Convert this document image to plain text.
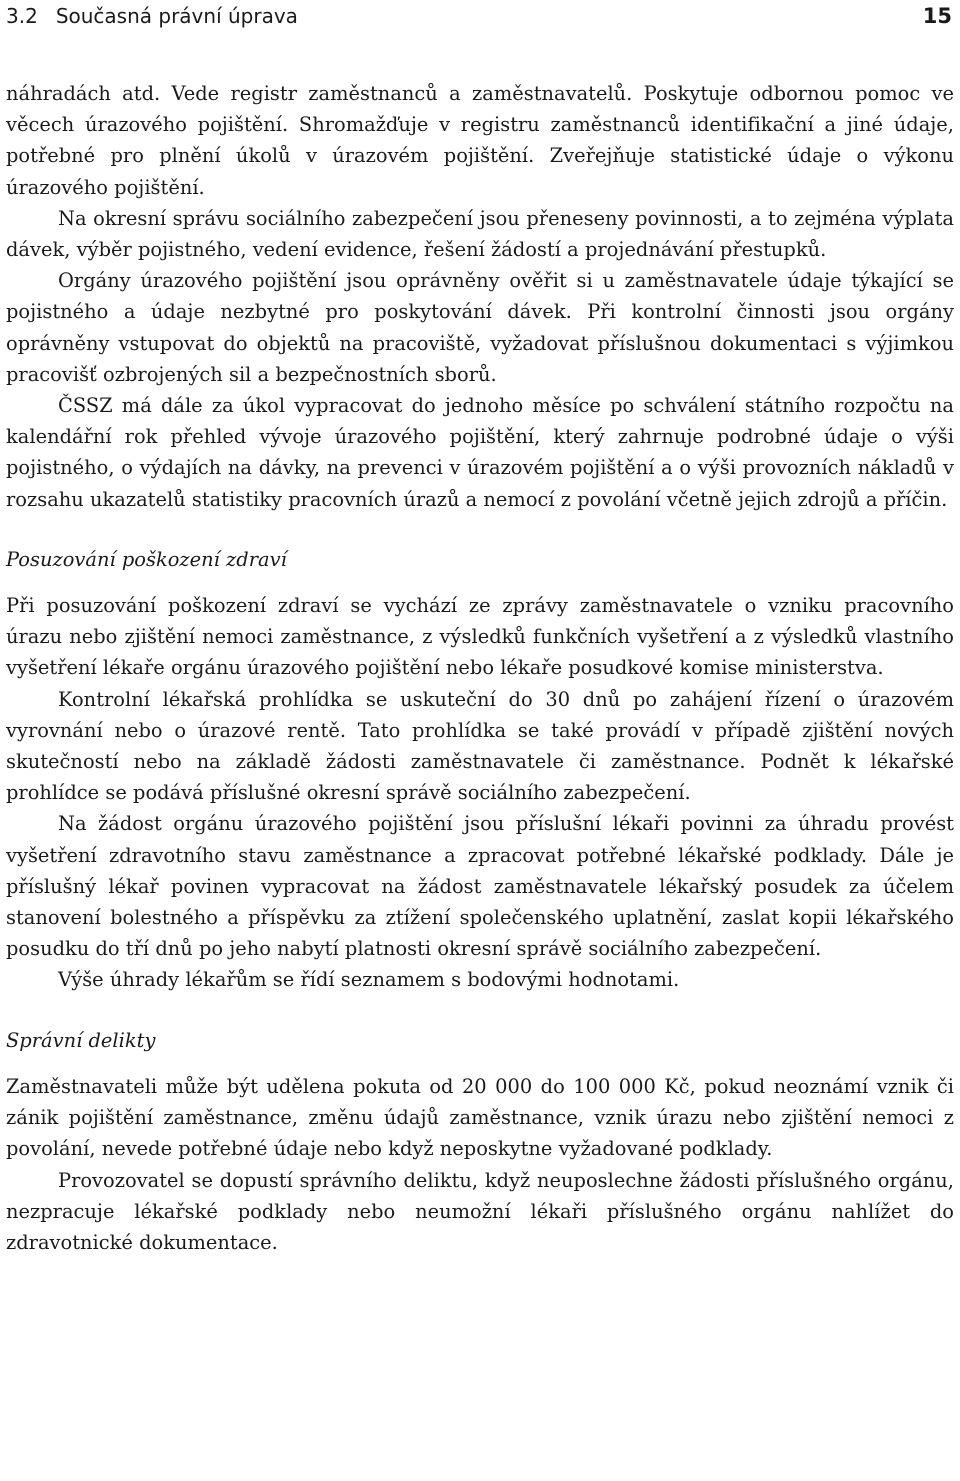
3.2 Současná právní úprava	15

náhradách atd. Vede registr zaměstnanců a zaměstnavatelů. Poskytuje odbornou pomoc ve věcech úrazového pojištění. Shromažďuje v registru zaměstnanců identifikační a jiné údaje, potřebné pro plnění úkolů v úrazovém pojištění. Zveřejňuje statistické údaje o výkonu úrazového pojištění.

Na okresní správu sociálního zabezpečení jsou přeneseny povinnosti, a to zejména výplata dávek, výběr pojistného, vedení evidence, řešení žádostí a projednávání přestupků.

Orgány úrazového pojištění jsou oprávněny ověřit si u zaměstnavatele údaje týkající se pojistného a údaje nezbytné pro poskytování dávek. Při kontrolní činnosti jsou orgány oprávněny vstupovat do objektů na pracoviště, vyžadovat příslušnou dokumentaci s výjimkou pracovišť ozbrojených sil a bezpečnostních sborů.

ČSSZ má dále za úkol vypracovat do jednoho měsíce po schválení státního rozpočtu na kalendářní rok přehled vývoje úrazového pojištění, který zahrnuje podrobné údaje o výši pojistného, o výdajích na dávky, na prevenci v úrazovém pojištění a o výši provozních nákladů v rozsahu ukazatelů statistiky pracovních úrazů a nemocí z povolání včetně jejich zdrojů a příčin.

Posuzování poškození zdraví

Při posuzování poškození zdraví se vychází ze zprávy zaměstnavatele o vzniku pracovního úrazu nebo zjištění nemoci zaměstnance, z výsledků funkčních vyšetření a z výsledků vlastního vyšetření lékaře orgánu úrazového pojištění nebo lékaře posudkové komise ministerstva.

Kontrolní lékařská prohlídka se uskuteční do 30 dnů po zahájení řízení o úrazovém vyrovnání nebo o úrazové rentě. Tato prohlídka se také provádí v případě zjištění nových skutečností nebo na základě žádosti zaměstnavatele či zaměstnance. Podnět k lékařské prohlídce se podává příslušné okresní správě sociálního zabezpečení.

Na žádost orgánu úrazového pojištění jsou příslušní lékaři povinni za úhradu provést vyšetření zdravotního stavu zaměstnance a zpracovat potřebné lékařské podklady. Dále je příslušný lékař povinen vypracovat na žádost zaměstnavatele lékařský posudek za účelem stanovení bolestného a příspěvku za ztížení společenského uplatnění, zaslat kopii lékařského posudku do tří dnů po jeho nabytí platnosti okresní správě sociálního zabezpečení.

Výše úhrady lékařům se řídí seznamem s bodovými hodnotami.

Správní delikty

Zaměstnavateli může být udělena pokuta od 20 000 do 100 000 Kč, pokud neoznámí vznik či zánik pojištění zaměstnance, změnu údajů zaměstnance, vznik úrazu nebo zjištění nemoci z povolání, nevede potřebné údaje nebo když neposkytne vyžadované podklady.

Provozovatel se dopustí správního deliktu, když neuposlechne žádosti příslušného orgánu, nezpracuje lékařské podklady nebo neumožní lékaři příslušného orgánu nahlížet do zdravotnické dokumentace.
